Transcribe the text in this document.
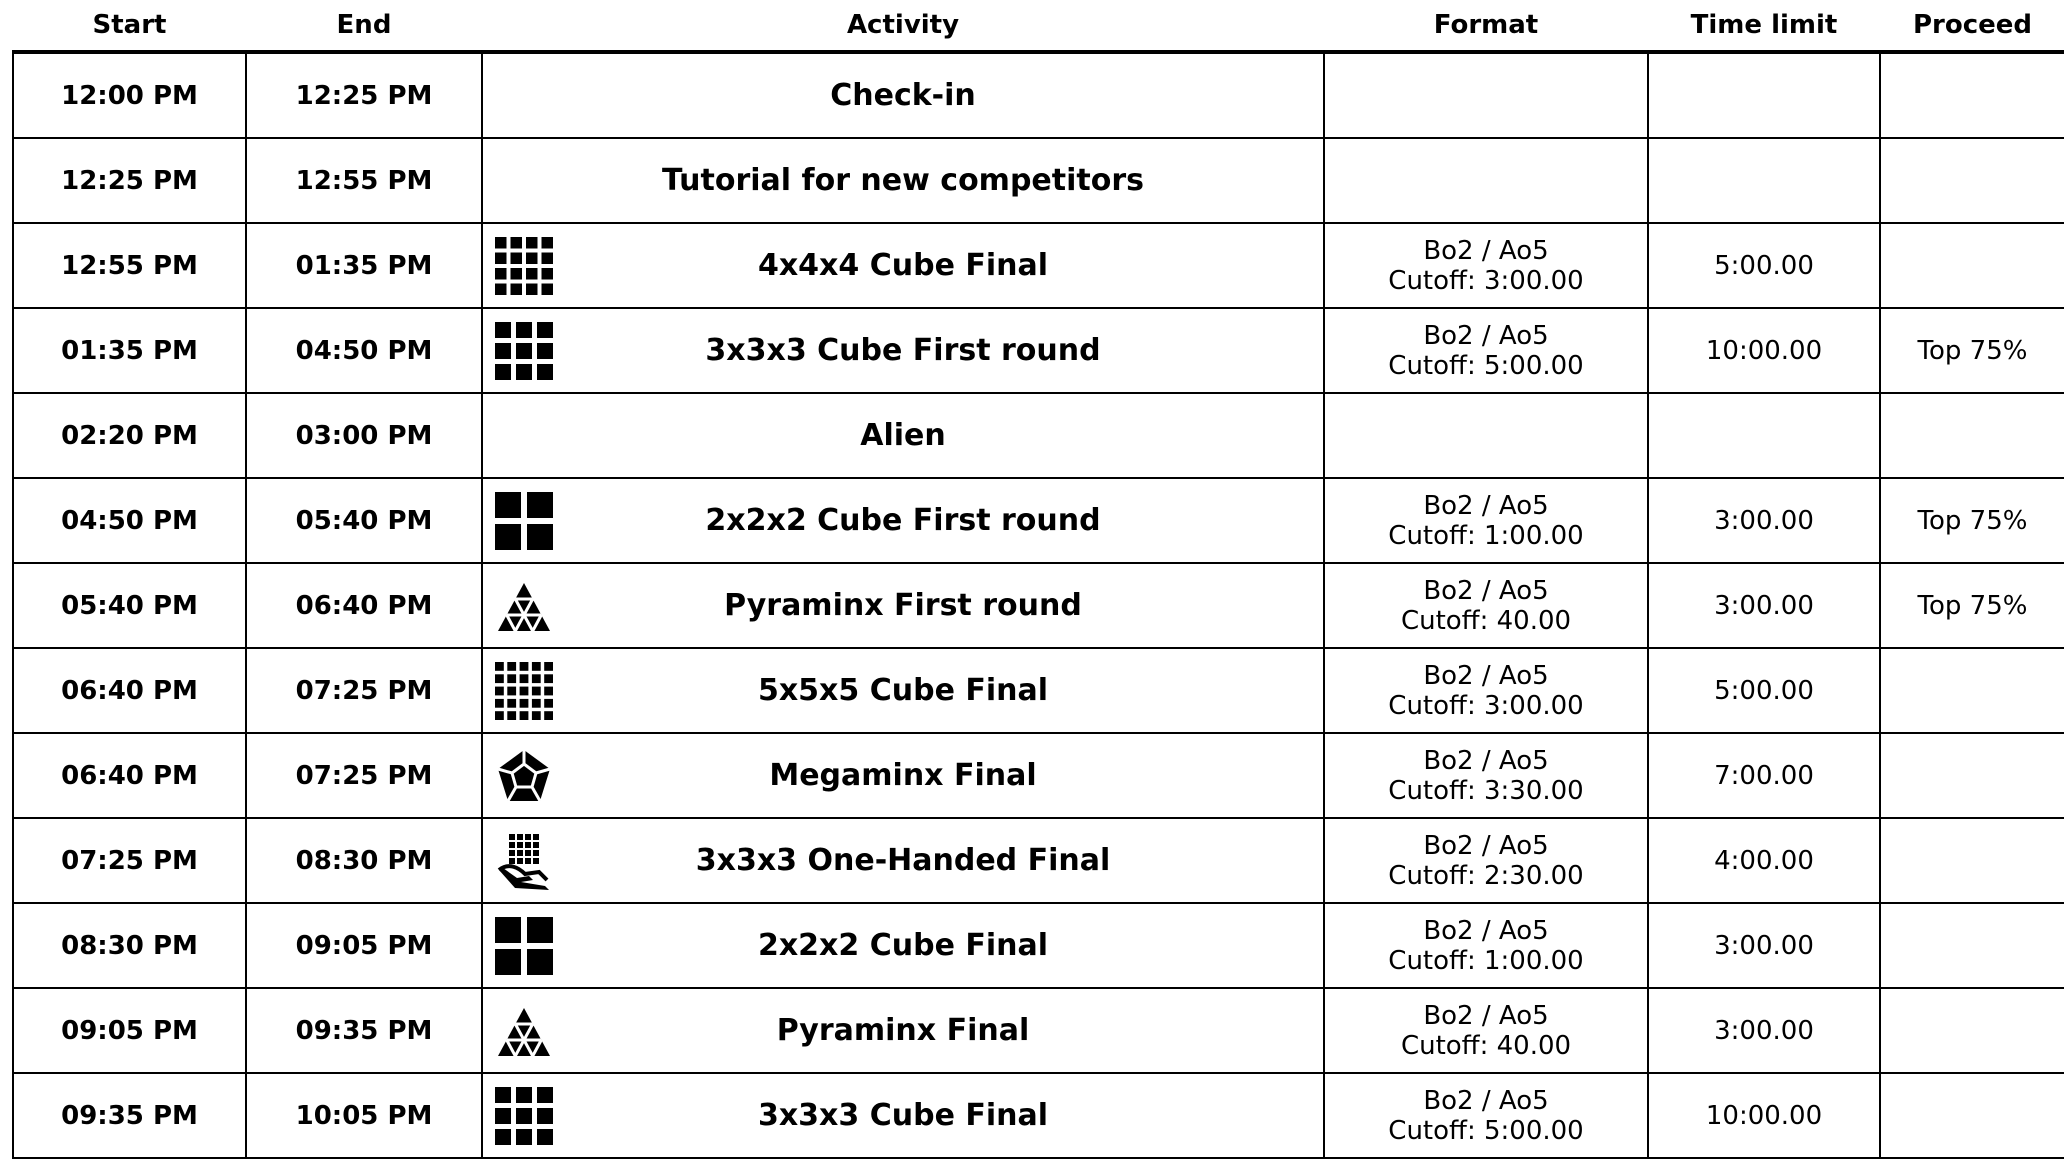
Start	End	Activity	Format	Time limit	Proceed
12:00 PM	12:25 PM	Check-in	

12:25 PM	12:55 PM	Tutorial for new competitors	

12:55 PM	01:35 PM	4x4x4 Cube Final	Bo2 / Ao5
Cutoff: 3:00.00	5:00.00	
01:35 PM	04:50 PM	3x3x3 Cube First round	Bo2 / Ao5
Cutoff: 5:00.00	10:00.00	Top 75%
02:20 PM	03:00 PM	Alien	

04:50 PM	05:40 PM	2x2x2 Cube First round	Bo2 / Ao5
Cutoff: 1:00.00	3:00.00	Top 75%
05:40 PM	06:40 PM	Pyraminx First round	Bo2 / Ao5
Cutoff: 40.00	3:00.00	Top 75%
06:40 PM	07:25 PM	5x5x5 Cube Final	Bo2 / Ao5
Cutoff: 3:00.00	5:00.00	
06:40 PM	07:25 PM	Megaminx Final	Bo2 / Ao5
Cutoff: 3:30.00	7:00.00	
07:25 PM	08:30 PM	3x3x3 One-Handed Final	Bo2 / Ao5
Cutoff: 2:30.00	4:00.00	
08:30 PM	09:05 PM	2x2x2 Cube Final	Bo2 / Ao5
Cutoff: 1:00.00	3:00.00	
09:05 PM	09:35 PM	Pyraminx Final	Bo2 / Ao5
Cutoff: 40.00	3:00.00	
09:35 PM	10:05 PM	3x3x3 Cube Final	Bo2 / Ao5
Cutoff: 5:00.00	10:00.00	
